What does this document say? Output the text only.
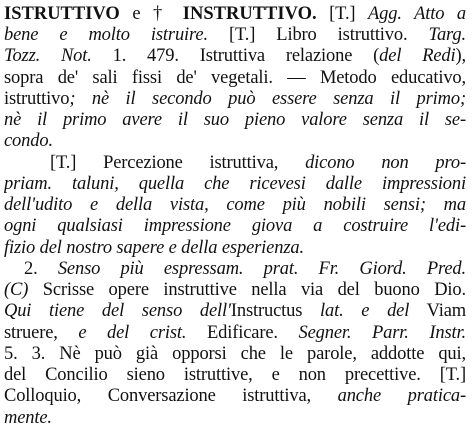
ISTRUTTIVO e † INSTRUTTIVO. [T.] Agg. Atto a
bene e molto istruire. [T.] Libro istruttivo. Targ.
Tozz. Not. 1. 479. Istruttiva relazione (del Redi),
sopra de' sali fissi de' vegetali. — Metodo educativo,
istruttivo; nè il secondo può essere senza il primo;
nè il primo avere il suo pieno valore senza il se-
condo.
[T.] Percezione istruttiva, dicono non pro-
priam. taluni, quella che ricevesi dalle impressioni
dell'udito e della vista, come più nobili sensi; ma
ogni qualsiasi impressione giova a costruire l'edi-
fizio del nostro sapere e della esperienza.
2. Senso più espressam. prat. Fr. Giord. Pred.
(C) Scrisse opere instruttive nella via del buono Dio.
Qui tiene del senso dell'Instructus lat. e del Viam
struere, e del crist. Edificare. Segner. Parr. Instr.
5. 3. Nè può già opporsi che le parole, addotte qui,
del Concilio sieno istruttive, e non precettive. [T.]
Colloquio, Conversazione istruttiva, anche pratica-
mente.
